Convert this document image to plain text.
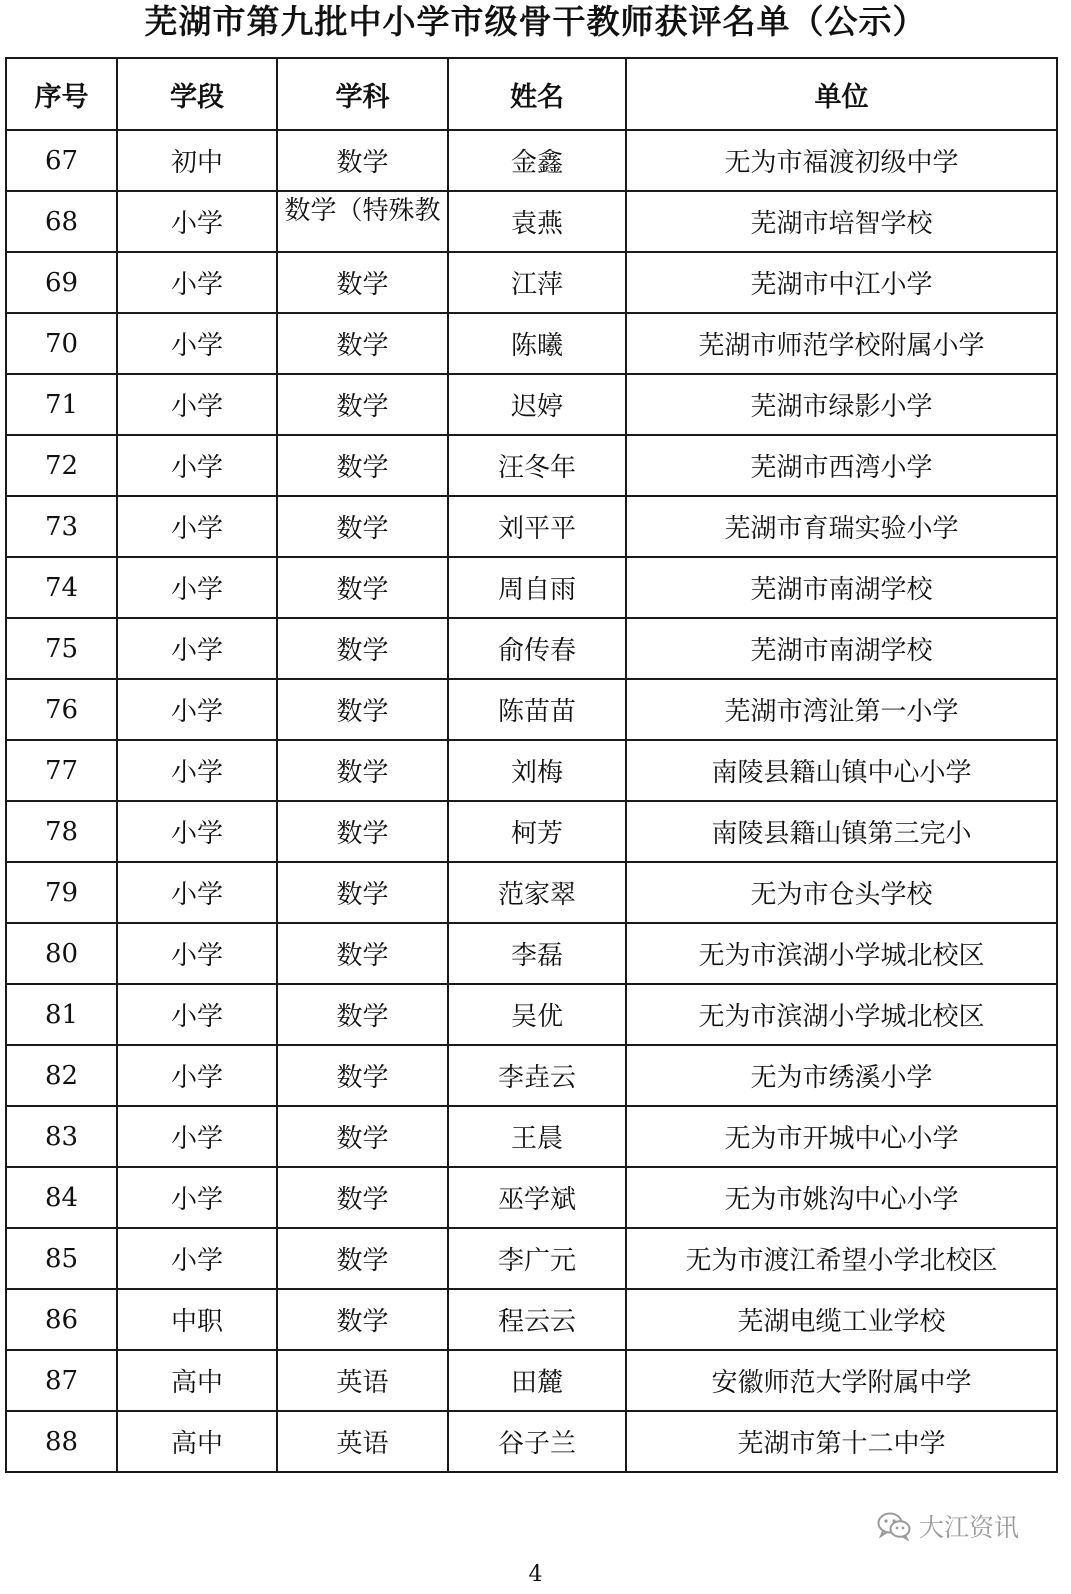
芜湖市第九批中小学市级骨干教师获评名单（公示）
序号	学段	学科	姓名	单位
67	初中	数学	金鑫	无为市福渡初级中学
68	小学	数学（特殊教	袁燕	芜湖市培智学校
69	小学	数学	江萍	芜湖市中江小学
70	小学	数学	陈曦	芜湖市师范学校附属小学
71	小学	数学	迟婷	芜湖市绿影小学
72	小学	数学	汪冬年	芜湖市西湾小学
73	小学	数学	刘平平	芜湖市育瑞实验小学
74	小学	数学	周自雨	芜湖市南湖学校
75	小学	数学	俞传春	芜湖市南湖学校
76	小学	数学	陈苗苗	芜湖市湾沚第一小学
77	小学	数学	刘梅	南陵县籍山镇中心小学
78	小学	数学	柯芳	南陵县籍山镇第三完小
79	小学	数学	范家翠	无为市仓头学校
80	小学	数学	李磊	无为市滨湖小学城北校区
81	小学	数学	吴优	无为市滨湖小学城北校区
82	小学	数学	李垚云	无为市绣溪小学
83	小学	数学	王晨	无为市开城中心小学
84	小学	数学	巫学斌	无为市姚沟中心小学
85	小学	数学	李广元	无为市渡江希望小学北校区
86	中职	数学	程云云	芜湖电缆工业学校
87	高中	英语	田麓	安徽师范大学附属中学
88	高中	英语	谷子兰	芜湖市第十二中学
大江资讯
4
